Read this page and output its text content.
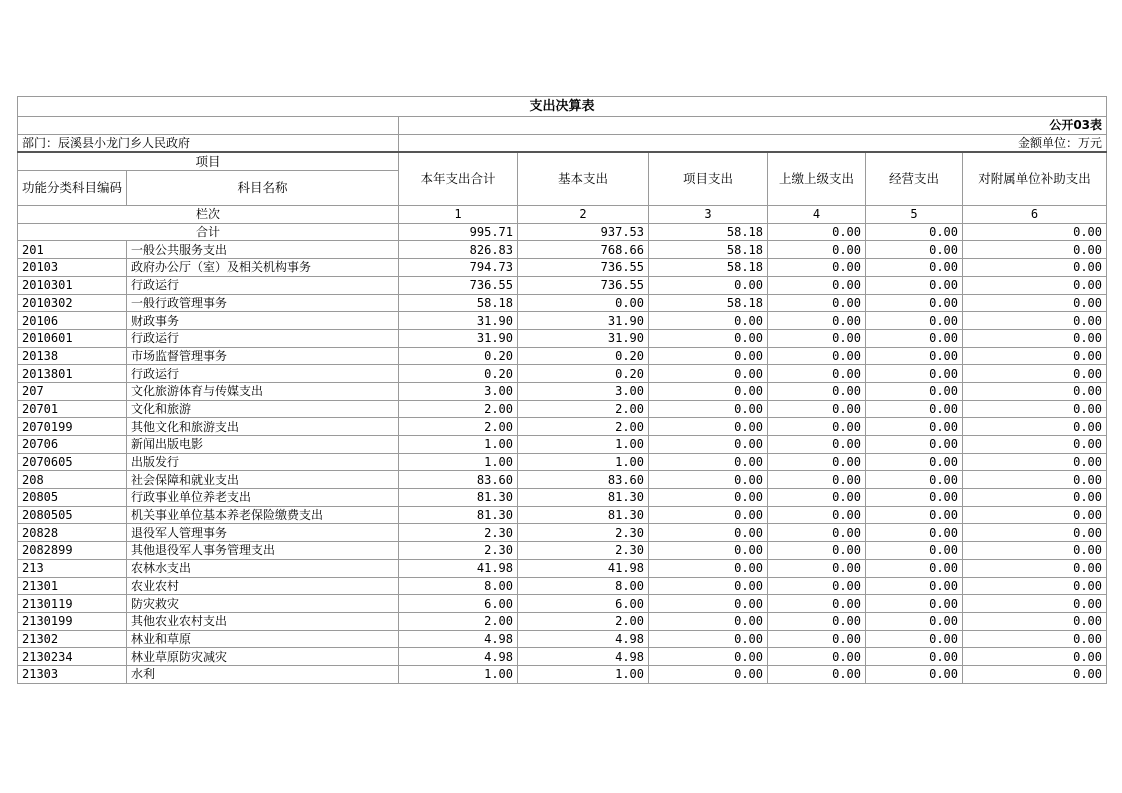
支出决算表							
		公开03表					
部门：辰溪县小龙门乡人民政府		金额单位：万元					
项目		本年支出合计	基本支出	项目支出	上缴上级支出	经营支出	对附属单位补助支出
功能分类科目编码	科目名称						
栏次		1	2	3	4	5	6
合计		995.71	937.53	58.18	0.00	0.00	0.00
201	一般公共服务支出	826.83	768.66	58.18	0.00	0.00	0.00
20103	政府办公厅（室）及相关机构事务	794.73	736.55	58.18	0.00	0.00	0.00
2010301	行政运行	736.55	736.55	0.00	0.00	0.00	0.00
2010302	一般行政管理事务	58.18	0.00	58.18	0.00	0.00	0.00
20106	财政事务	31.90	31.90	0.00	0.00	0.00	0.00
2010601	行政运行	31.90	31.90	0.00	0.00	0.00	0.00
20138	市场监督管理事务	0.20	0.20	0.00	0.00	0.00	0.00
2013801	行政运行	0.20	0.20	0.00	0.00	0.00	0.00
207	文化旅游体育与传媒支出	3.00	3.00	0.00	0.00	0.00	0.00
20701	文化和旅游	2.00	2.00	0.00	0.00	0.00	0.00
2070199	其他文化和旅游支出	2.00	2.00	0.00	0.00	0.00	0.00
20706	新闻出版电影	1.00	1.00	0.00	0.00	0.00	0.00
2070605	出版发行	1.00	1.00	0.00	0.00	0.00	0.00
208	社会保障和就业支出	83.60	83.60	0.00	0.00	0.00	0.00
20805	行政事业单位养老支出	81.30	81.30	0.00	0.00	0.00	0.00
2080505	机关事业单位基本养老保险缴费支出	81.30	81.30	0.00	0.00	0.00	0.00
20828	退役军人管理事务	2.30	2.30	0.00	0.00	0.00	0.00
2082899	其他退役军人事务管理支出	2.30	2.30	0.00	0.00	0.00	0.00
213	农林水支出	41.98	41.98	0.00	0.00	0.00	0.00
21301	农业农村	8.00	8.00	0.00	0.00	0.00	0.00
2130119	防灾救灾	6.00	6.00	0.00	0.00	0.00	0.00
2130199	其他农业农村支出	2.00	2.00	0.00	0.00	0.00	0.00
21302	林业和草原	4.98	4.98	0.00	0.00	0.00	0.00
2130234	林业草原防灾减灾	4.98	4.98	0.00	0.00	0.00	0.00
21303	水利	1.00	1.00	0.00	0.00	0.00	0.00
